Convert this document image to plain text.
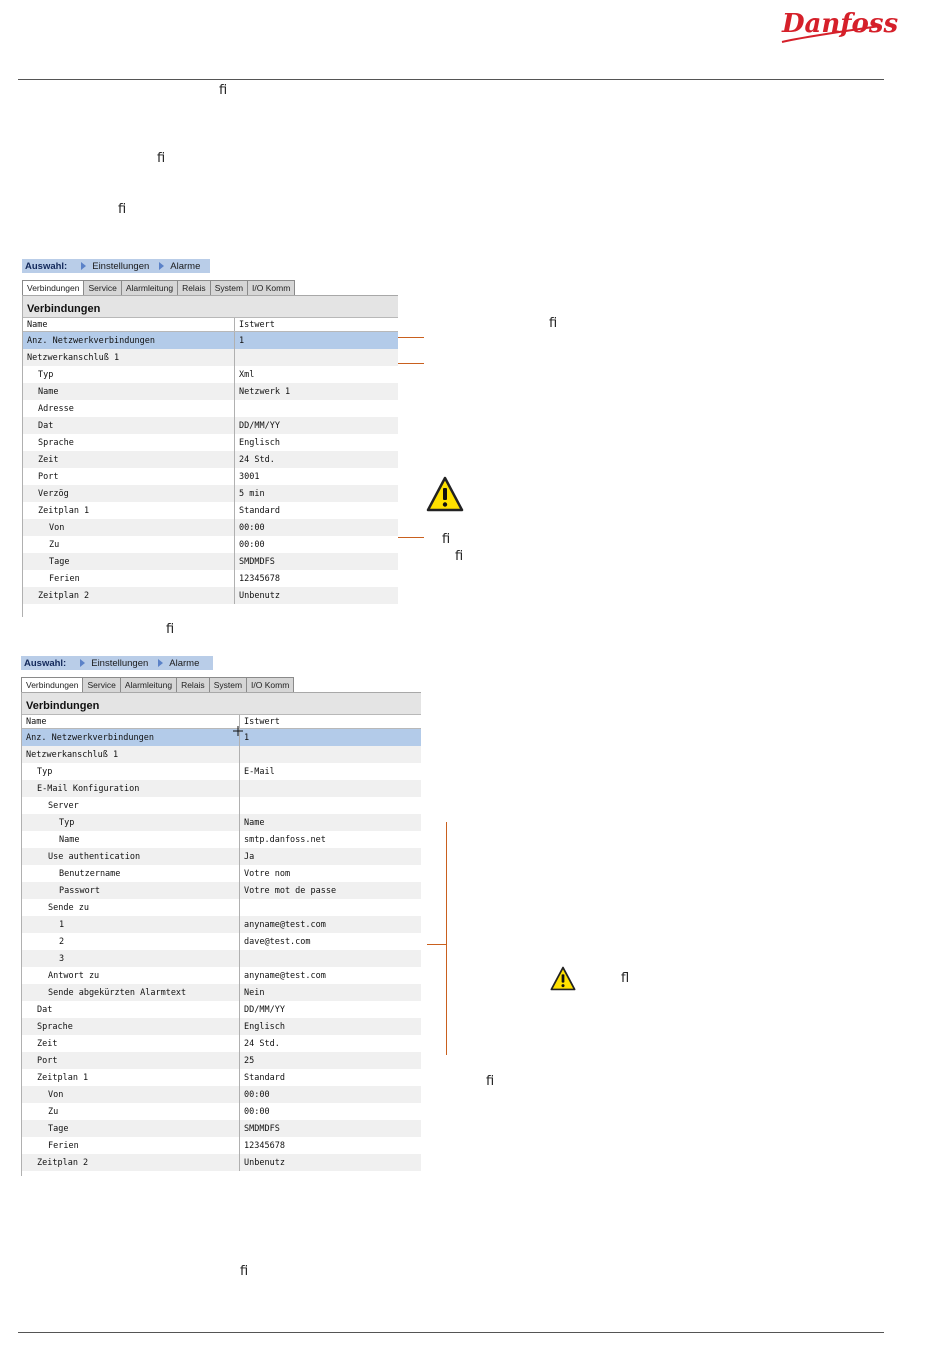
Danfoss
ﬁ
ﬁ
ﬁ
ﬁ
ﬁ
ﬁ
ﬁ
ﬂ
ﬁ
ﬁ
Auswahl:	Einstellungen Alarme
Verbindungen	Service	Alarmleitung	Relais	System	I/O Komm
Verbindungen
Name	Istwert
Anz. Netzwerkverbindungen	1
Netzwerkanschluß 1
Typ	Xml
Name	Netzwerk 1
Adresse
Dat	DD/MM/YY
Sprache	Englisch
Zeit	24 Std.
Port	3001
Verzög	5 min
Zeitplan 1	Standard
Von	00:00
Zu	00:00
Tage	SMDMDFS
Ferien	12345678
Zeitplan 2	Unbenutz
Auswahl:	Einstellungen Alarme
Verbindungen	Service	Alarmleitung	Relais	System	I/O Komm
Verbindungen
Name	Istwert
Anz. Netzwerkverbindungen	1
Netzwerkanschluß 1
Typ	E-Mail
E-Mail Konfiguration
Server
Typ	Name
Name	smtp.danfoss.net
Use authentication	Ja
Benutzername	Votre nom
Passwort	Votre mot de passe
Sende zu
1	anyname@test.com
2	dave@test.com
3
Antwort zu	anyname@test.com
Sende abgekürzten Alarmtext	Nein
Dat	DD/MM/YY
Sprache	Englisch
Zeit	24 Std.
Port	25
Zeitplan 1	Standard
Von	00:00
Zu	00:00
Tage	SMDMDFS
Ferien	12345678
Zeitplan 2	Unbenutz
